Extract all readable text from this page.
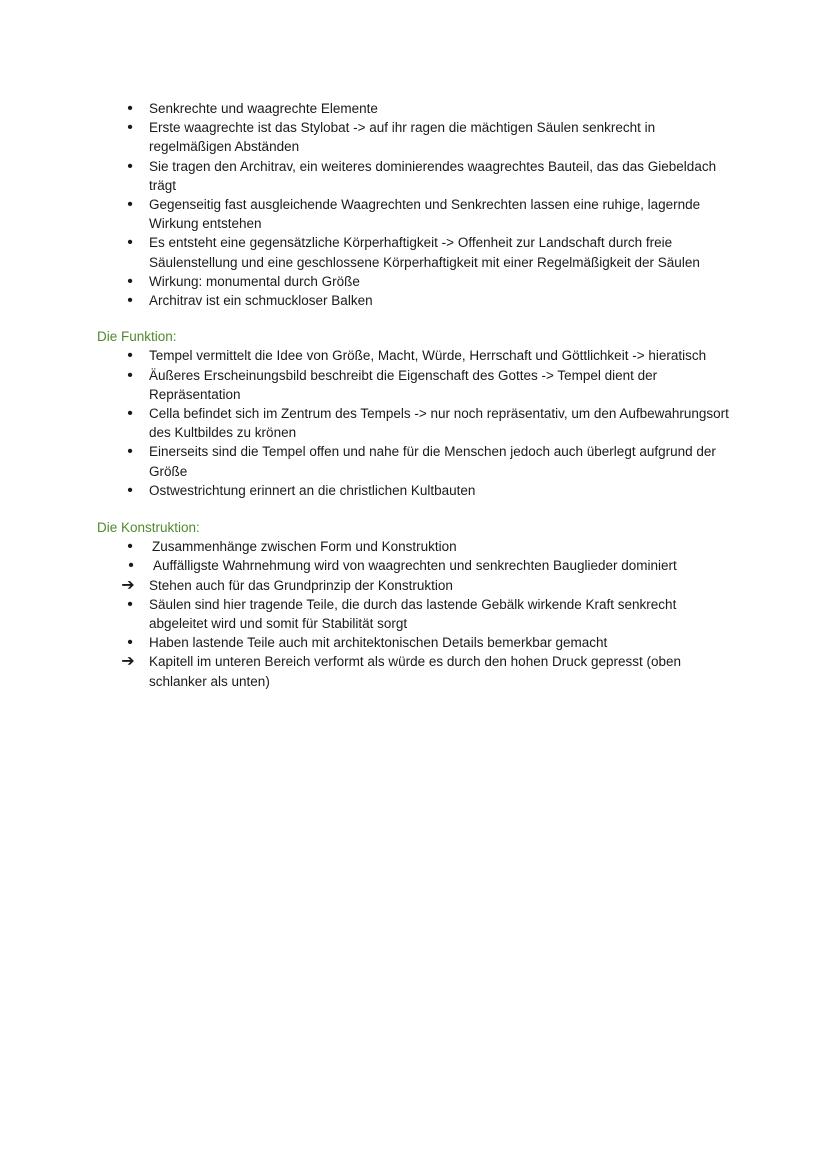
•	Senkrechte und waagrechte Elemente
•	Erste waagrechte ist das Stylobat -> auf ihr ragen die mächtigen Säulen senkrecht in regelmäßigen Abständen
•	Sie tragen den Architrav, ein weiteres dominierendes waagrechtes Bauteil, das das Giebeldach trägt
•	Gegenseitig fast ausgleichende Waagrechten und Senkrechten lassen eine ruhige, lagernde Wirkung entstehen
•	Es entsteht eine gegensätzliche Körperhaftigkeit -> Offenheit zur Landschaft durch freie Säulenstellung und eine geschlossene Körperhaftigkeit mit einer Regelmäßigkeit der Säulen
•	Wirkung: monumental durch Größe
•	Architrav ist ein schmuckloser Balken
Die Funktion:
•	Tempel vermittelt die Idee von Größe, Macht, Würde, Herrschaft und Göttlichkeit -> hieratisch
•	Äußeres Erscheinungsbild beschreibt die Eigenschaft des Gottes -> Tempel dient der Repräsentation
•	Cella befindet sich im Zentrum des Tempels -> nur noch repräsentativ, um den Aufbewahrungsort des Kultbildes zu krönen
•	Einerseits sind die Tempel offen und nahe für die Menschen jedoch auch überlegt aufgrund der Größe
•	Ostwestrichtung erinnert an die christlichen Kultbauten
Die Konstruktion:
•	Zusammenhänge zwischen Form und Konstruktion
•	Auffälligste Wahrnehmung wird von waagrechten und senkrechten Bauglieder dominiert
➔ Stehen auch für das Grundprinzip der Konstruktion
•	Säulen sind hier tragende Teile, die durch das lastende Gebälk wirkende Kraft senkrecht abgeleitet wird und somit für Stabilität sorgt
•	Haben lastende Teile auch mit architektonischen Details bemerkbar gemacht
➔ Kapitell im unteren Bereich verformt als würde es durch den hohen Druck gepresst (oben schlanker als unten)
